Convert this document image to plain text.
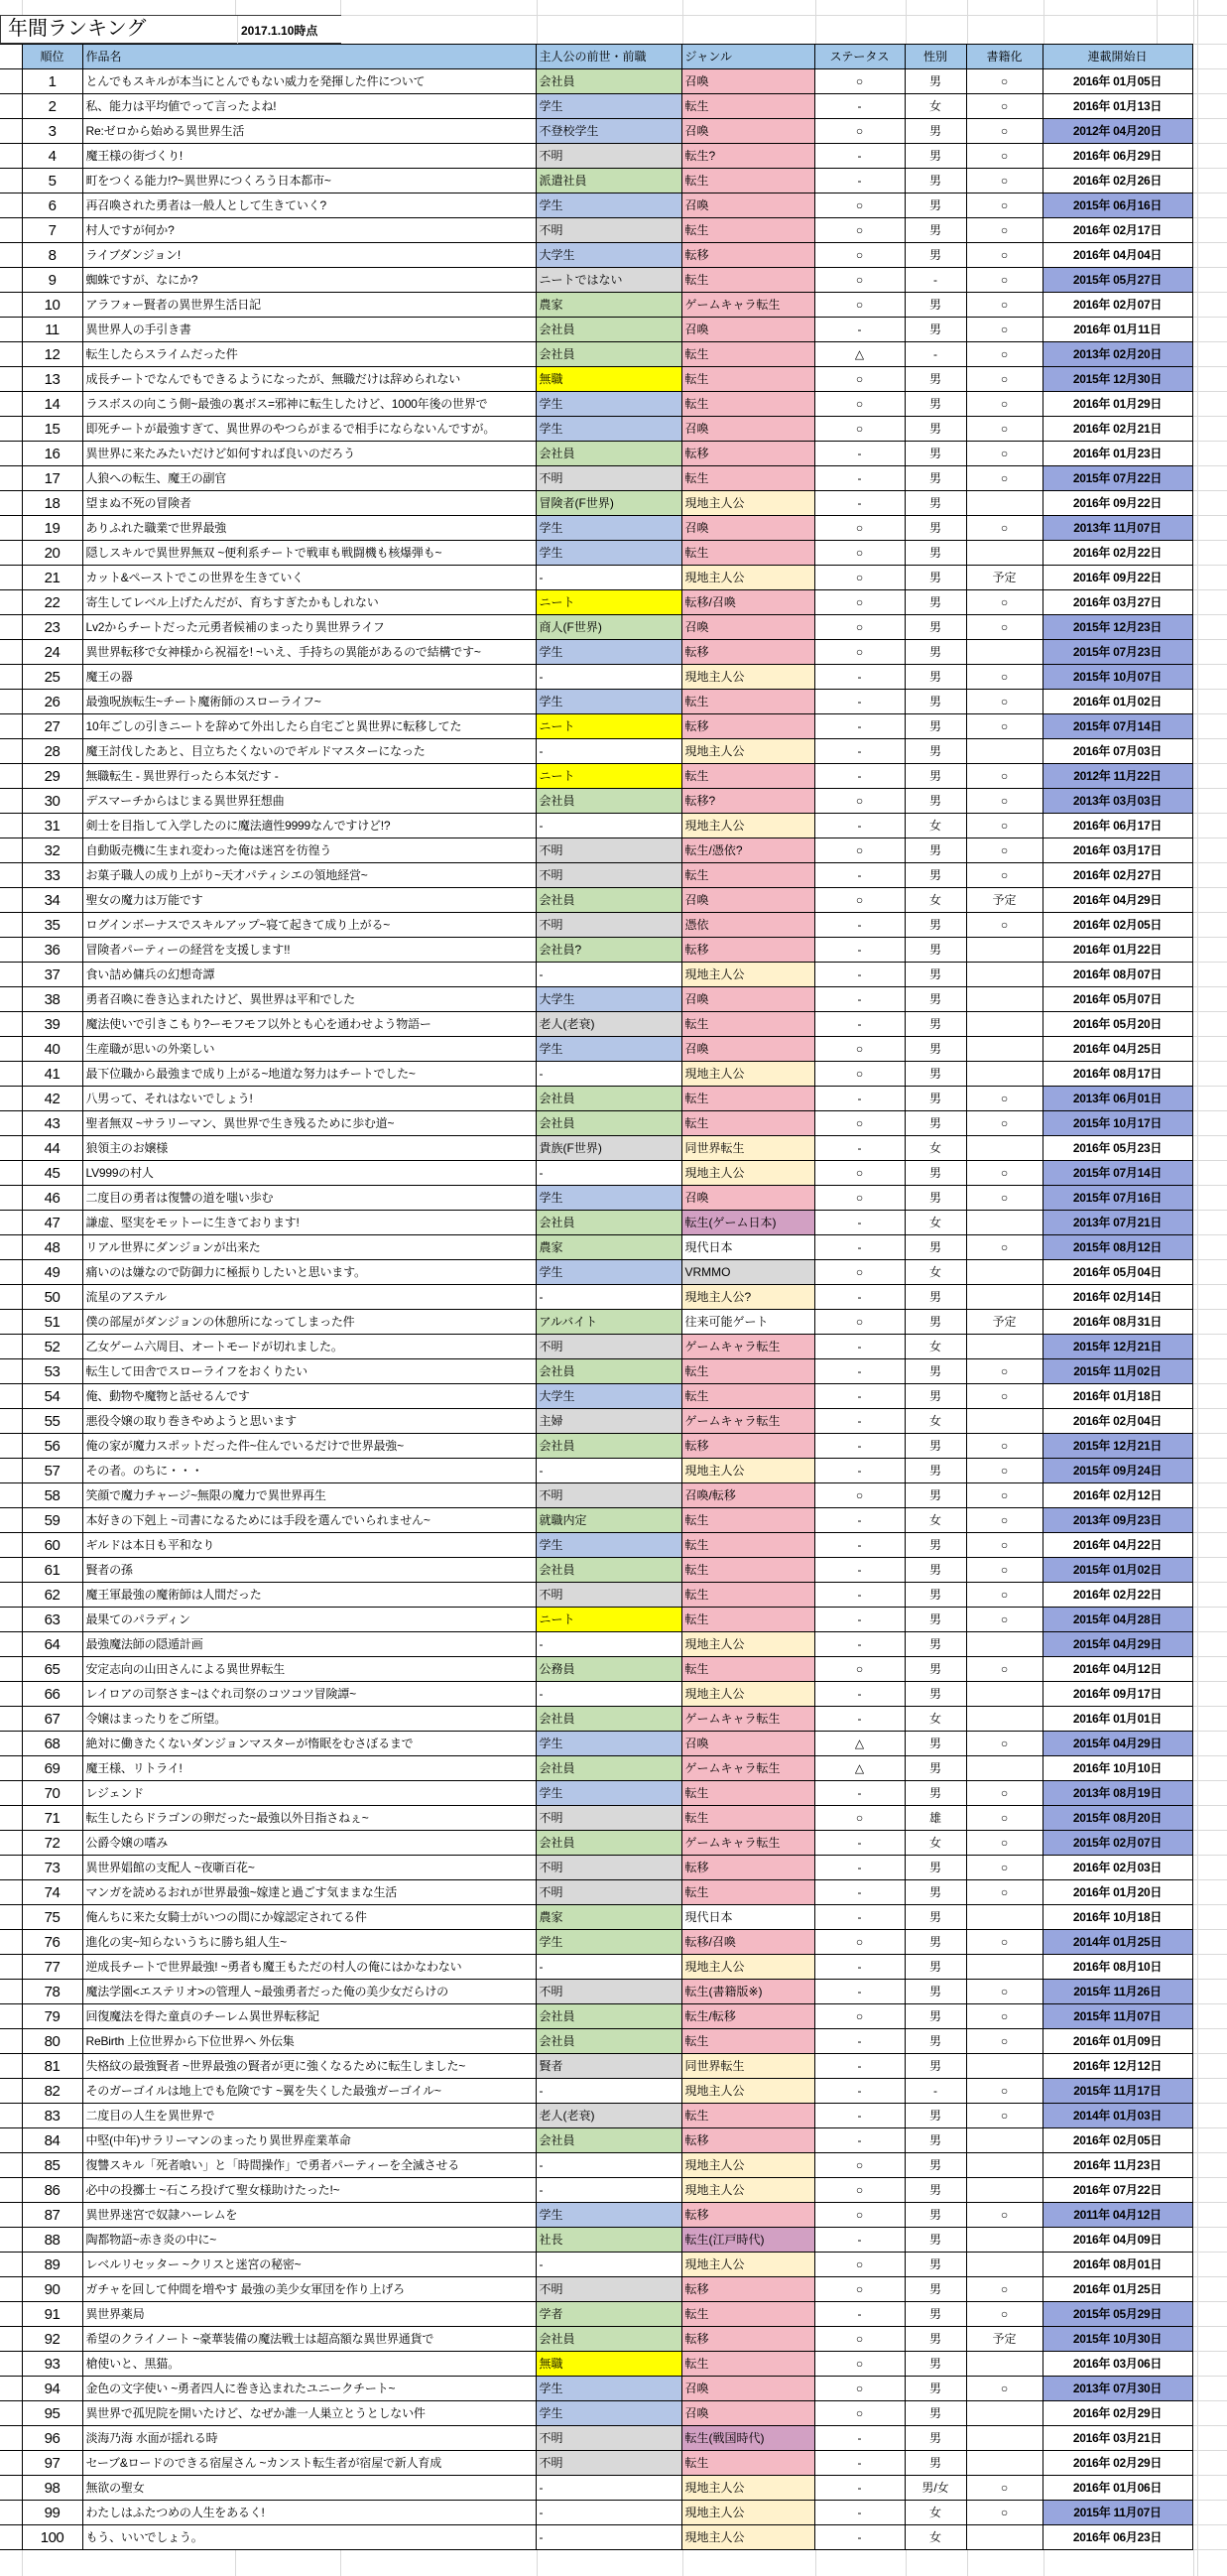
年間ランキング	2017.1.10時点
	順位	作品名	主人公の前世・前職	ジャンル	ステータス	性別	書籍化	連載開始日
	1	とんでもスキルが本当にとんでもない威力を発揮した件について	会社員	召喚	○	男	○	2016年 01月05日
	2	私、能力は平均値でって言ったよね!	学生	転生	-	女	○	2016年 01月13日
	3	Re:ゼロから始める異世界生活	不登校学生	召喚	○	男	○	2012年 04月20日
	4	魔王様の街づくり!	不明	転生?	-	男	○	2016年 06月29日
	5	町をつくる能力!?~異世界につくろう日本都市~	派遣社員	転生	-	男	○	2016年 02月26日
	6	再召喚された勇者は一般人として生きていく?	学生	召喚	○	男	○	2015年 06月16日
	7	村人ですが何か?	不明	転生	○	男	○	2016年 02月17日
	8	ライブダンジョン!	大学生	転移	○	男	○	2016年 04月04日
	9	蜘蛛ですが、なにか?	ニートではない	転生	○	-	○	2015年 05月27日
	10	アラフォー賢者の異世界生活日記	農家	ゲームキャラ転生	○	男	○	2016年 02月07日
	11	異世界人の手引き書	会社員	召喚	-	男	○	2016年 01月11日
	12	転生したらスライムだった件	会社員	転生	△	-	○	2013年 02月20日
	13	成長チートでなんでもできるようになったが、無職だけは辞められない	無職	転生	○	男	○	2015年 12月30日
	14	ラスボスの向こう側~最強の裏ボス=邪神に転生したけど、1000年後の世界で	学生	転生	○	男	○	2016年 01月29日
	15	即死チートが最強すぎて、異世界のやつらがまるで相手にならないんですが。	学生	召喚	○	男	○	2016年 02月21日
	16	異世界に来たみたいだけど如何すれば良いのだろう	会社員	転移	-	男	○	2016年 01月23日
	17	人狼への転生、魔王の副官	不明	転生	-	男	○	2015年 07月22日
	18	望まぬ不死の冒険者	冒険者(F世界)	現地主人公	-	男		2016年 09月22日
	19	ありふれた職業で世界最強	学生	召喚	○	男	○	2013年 11月07日
	20	隠しスキルで異世界無双 ~便利系チートで戦車も戦闘機も核爆弾も~	学生	転生	○	男		2016年 02月22日
	21	カット&ペーストでこの世界を生きていく	-	現地主人公	○	男	予定	2016年 09月22日
	22	寄生してレベル上げたんだが、育ちすぎたかもしれない	ニート	転移/召喚	○	男	○	2016年 03月27日
	23	Lv2からチートだった元勇者候補のまったり異世界ライフ	商人(F世界)	召喚	○	男	○	2015年 12月23日
	24	異世界転移で女神様から祝福を! ~いえ、手持ちの異能があるので結構です~	学生	転移	○	男		2015年 07月23日
	25	魔王の器	-	現地主人公	-	男	○	2015年 10月07日
	26	最強呪族転生~チート魔術師のスローライフ~	学生	転生	-	男	○	2016年 01月02日
	27	10年ごしの引きニートを辞めて外出したら自宅ごと異世界に転移してた	ニート	転移	-	男	○	2015年 07月14日
	28	魔王討伐したあと、目立ちたくないのでギルドマスターになった	-	現地主人公	-	男		2016年 07月03日
	29	無職転生 - 異世界行ったら本気だす -	ニート	転生	-	男	○	2012年 11月22日
	30	デスマーチからはじまる異世界狂想曲	会社員	転移?	○	男	○	2013年 03月03日
	31	剣士を目指して入学したのに魔法適性9999なんですけど!?	-	現地主人公	-	女	○	2016年 06月17日
	32	自動販売機に生まれ変わった俺は迷宮を彷徨う	不明	転生/憑依?	○	男	○	2016年 03月17日
	33	お菓子職人の成り上がり~天才パティシエの領地経営~	不明	転生	-	男	○	2016年 02月27日
	34	聖女の魔力は万能です	会社員	召喚	○	女	予定	2016年 04月29日
	35	ログインボーナスでスキルアップ~寝て起きて成り上がる~	不明	憑依	-	男	○	2016年 02月05日
	36	冒険者パーティーの経営を支援します!!	会社員?	転移	-	男		2016年 01月22日
	37	食い詰め傭兵の幻想奇譚	-	現地主人公	-	男		2016年 08月07日
	38	勇者召喚に巻き込まれたけど、異世界は平和でした	大学生	召喚	-	男		2016年 05月07日
	39	魔法使いで引きこもり?ーモフモフ以外とも心を通わせよう物語ー	老人(老衰)	転生	-	男		2016年 05月20日
	40	生産職が思いの外楽しい	学生	召喚	○	男		2016年 04月25日
	41	最下位職から最強まで成り上がる~地道な努力はチートでした~	-	現地主人公	○	男		2016年 08月17日
	42	八男って、それはないでしょう!	会社員	転生	-	男	○	2013年 06月01日
	43	聖者無双 ~サラリーマン、異世界で生き残るために歩む道~	会社員	転生	○	男	○	2015年 10月17日
	44	狼領主のお嬢様	貴族(F世界)	同世界転生	-	女		2016年 05月23日
	45	LV999の村人	-	現地主人公	○	男	○	2015年 07月14日
	46	二度目の勇者は復讐の道を嗤い歩む	学生	召喚	○	男	○	2015年 07月16日
	47	謙虚、堅実をモットーに生きております!	会社員	転生(ゲーム日本)	-	女		2013年 07月21日
	48	リアル世界にダンジョンが出来た	農家	現代日本	-	男	○	2015年 08月12日
	49	痛いのは嫌なので防御力に極振りしたいと思います。	学生	VRMMO	○	女		2016年 05月04日
	50	流星のアステル	-	現地主人公?	-	男		2016年 02月14日
	51	僕の部屋がダンジョンの休憩所になってしまった件	アルバイト	往来可能ゲート	○	男	予定	2016年 08月31日
	52	乙女ゲーム六周目、オートモードが切れました。	不明	ゲームキャラ転生	-	女		2015年 12月21日
	53	転生して田舎でスローライフをおくりたい	会社員	転生	-	男	○	2015年 11月02日
	54	俺、動物や魔物と話せるんです	大学生	転生	-	男	○	2016年 01月18日
	55	悪役令嬢の取り巻きやめようと思います	主婦	ゲームキャラ転生	-	女		2016年 02月04日
	56	俺の家が魔力スポットだった件~住んでいるだけで世界最強~	会社員	転移	-	男	○	2015年 12月21日
	57	その者。のちに・・・	-	現地主人公	-	男	○	2015年 09月24日
	58	笑顔で魔力チャージ~無限の魔力で異世界再生	不明	召喚/転移	○	男	○	2016年 02月12日
	59	本好きの下剋上 ~司書になるためには手段を選んでいられません~	就職内定	転生	-	女	○	2013年 09月23日
	60	ギルドは本日も平和なり	学生	転生	-	男	○	2016年 04月22日
	61	賢者の孫	会社員	転生	-	男	○	2015年 01月02日
	62	魔王軍最強の魔術師は人間だった	不明	転生	-	男	○	2016年 02月22日
	63	最果てのパラディン	ニート	転生	-	男	○	2015年 04月28日
	64	最強魔法師の隠遁計画	-	現地主人公	-	男		2015年 04月29日
	65	安定志向の山田さんによる異世界転生	公務員	転生	○	男	○	2016年 04月12日
	66	レイロアの司祭さま~はぐれ司祭のコツコツ冒険譚~	-	現地主人公	-	男		2016年 09月17日
	67	令嬢はまったりをご所望。	会社員	ゲームキャラ転生	-	女		2016年 01月01日
	68	絶対に働きたくないダンジョンマスターが惰眠をむさぼるまで	学生	召喚	△	男	○	2015年 04月29日
	69	魔王様、リトライ!	会社員	ゲームキャラ転生	△	男		2016年 10月10日
	70	レジェンド	学生	転生	-	男	○	2013年 08月19日
	71	転生したらドラゴンの卵だった~最強以外目指さねぇ~	不明	転生	○	雄	○	2015年 08月20日
	72	公爵令嬢の嗜み	会社員	ゲームキャラ転生	-	女	○	2015年 02月07日
	73	異世界娼館の支配人 ~夜噺百花~	不明	転移	-	男	○	2016年 02月03日
	74	マンガを読めるおれが世界最強~嫁達と過ごす気ままな生活	不明	転生	-	男	○	2016年 01月20日
	75	俺んちに来た女騎士がいつの間にか嫁認定されてる件	農家	現代日本	-	男		2016年 10月18日
	76	進化の実~知らないうちに勝ち組人生~	学生	転移/召喚	○	男	○	2014年 01月25日
	77	逆成長チートで世界最強! ~勇者も魔王もただの村人の俺にはかなわない	-	現地主人公	-	男		2016年 08月10日
	78	魔法学園<エステリオ>の管理人 ~最強勇者だった俺の美少女だらけの	不明	転生(書籍版※)	-	男	○	2015年 11月26日
	79	回復魔法を得た童貞のチーレム異世界転移記	会社員	転生/転移	○	男	○	2015年 11月07日
	80	ReBirth 上位世界から下位世界へ 外伝集	会社員	転生	-	男	○	2016年 01月09日
	81	失格紋の最強賢者 ~世界最強の賢者が更に強くなるために転生しました~	賢者	同世界転生	-	男		2016年 12月12日
	82	そのガーゴイルは地上でも危険です ~翼を失くした最強ガーゴイル~	-	現地主人公	-	-	○	2015年 11月17日
	83	二度目の人生を異世界で	老人(老衰)	転生	-	男	○	2014年 01月03日
	84	中堅(中年)サラリーマンのまったり異世界産業革命	会社員	転移	-	男		2016年 02月05日
	85	復讐スキル「死者喰い」と「時間操作」で勇者パーティーを全滅させる	-	現地主人公	○	男		2016年 11月23日
	86	必中の投擲士 ~石ころ投げて聖女様助けたった!~	-	現地主人公	○	男		2016年 07月22日
	87	異世界迷宮で奴隷ハーレムを	学生	転移	○	男	○	2011年 04月12日
	88	陶都物語~赤き炎の中に~	社長	転生(江戸時代)	-	男		2016年 04月09日
	89	レベルリセッター ~クリスと迷宮の秘密~	-	現地主人公	○	男		2016年 08月01日
	90	ガチャを回して仲間を増やす 最強の美少女軍団を作り上げろ	不明	転移	○	男	○	2016年 01月25日
	91	異世界薬局	学者	転生	-	男	○	2015年 05月29日
	92	希望のクライノート ~豪華装備の魔法戦士は超高額な異世界通貨で	会社員	転移	○	男	予定	2015年 10月30日
	93	槍使いと、黒猫。	無職	転生	○	男		2016年 03月06日
	94	金色の文字使い ~勇者四人に巻き込まれたユニークチート~	学生	召喚	○	男	○	2013年 07月30日
	95	異世界で孤児院を開いたけど、なぜか誰一人巣立とうとしない件	学生	召喚	○	男		2016年 02月29日
	96	淡海乃海 水面が揺れる時	不明	転生(戦国時代)	-	男		2016年 03月21日
	97	セーブ&ロードのできる宿屋さん ~カンスト転生者が宿屋で新人育成	不明	転生	-	男		2016年 02月29日
	98	無欲の聖女	-	現地主人公	-	男/女	○	2016年 01月06日
	99	わたしはふたつめの人生をあるく!	-	現地主人公	-	女	○	2015年 11月07日
	100	もう、いいでしょう。	-	現地主人公	-	女		2016年 06月23日
